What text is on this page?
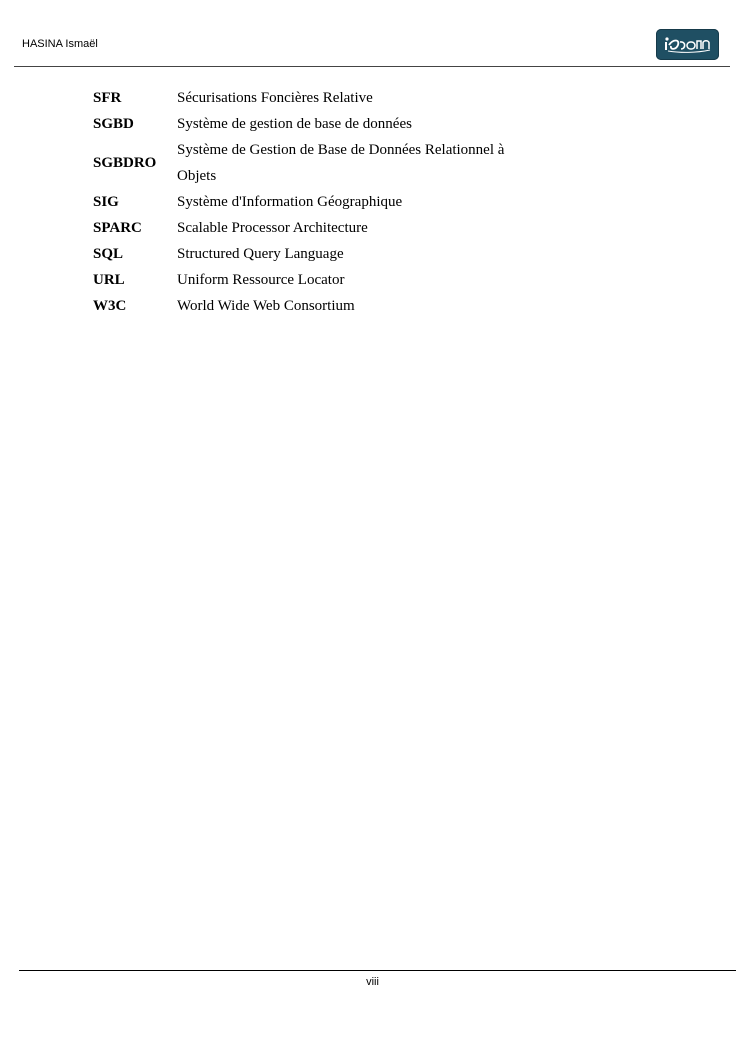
HASINA Ismaël
SFR	Sécurisations Foncières Relative
SGBD	Système de gestion de base de données
SGBDRO	Système de Gestion de Base de Données Relationnel à
Objets
SIG	Système d'Information Géographique
SPARC	Scalable Processor Architecture
SQL	Structured Query Language
URL	Uniform Ressource Locator
W3C	World Wide Web Consortium
viii
